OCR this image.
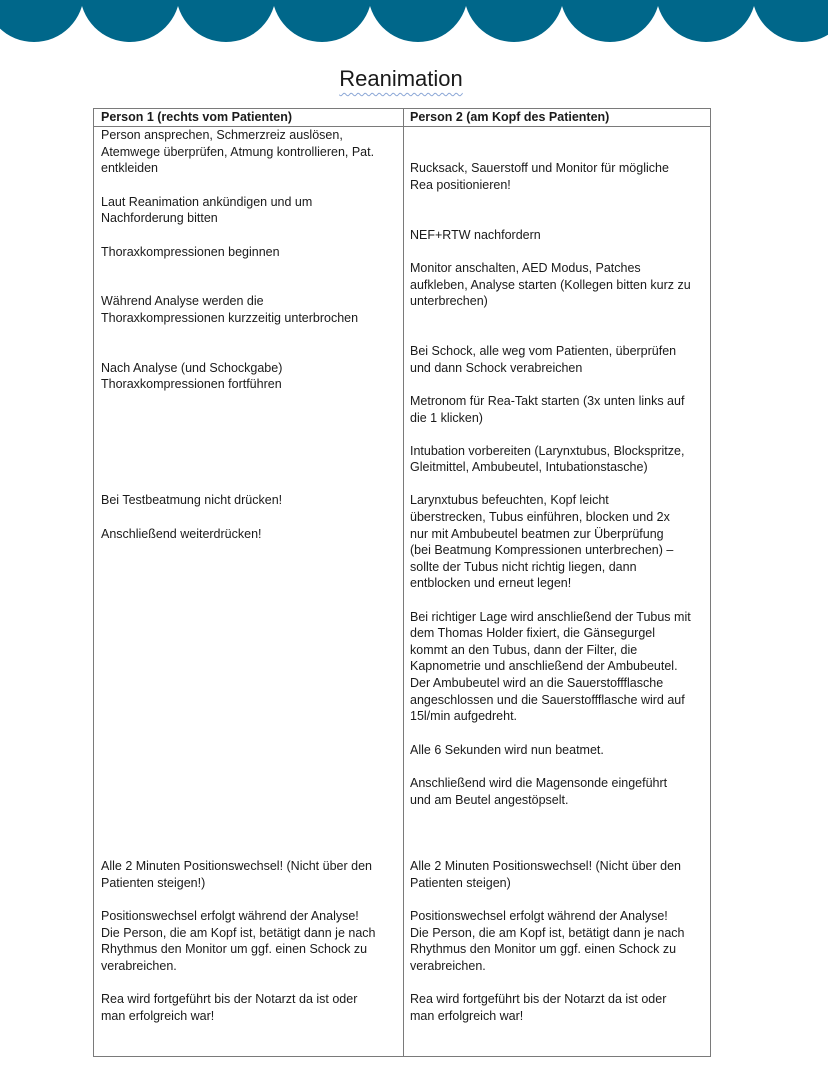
Reanimation
Person 1 (rechts vom Patienten)	Person 2 (am Kopf des Patienten)
Person ansprechen, Schmerzreiz auslösen,
Atemwege überprüfen, Atmung kontrollieren, Pat.
entkleiden
Laut Reanimation ankündigen und um
Nachforderung bitten
Thoraxkompressionen beginnen
Während Analyse werden die
Thoraxkompressionen kurzzeitig unterbrochen
Nach Analyse (und Schockgabe)
Thoraxkompressionen fortführen
Bei Testbeatmung nicht drücken!
Anschließend weiterdrücken!
Alle 2 Minuten Positionswechsel! (Nicht über den
Patienten steigen!)
Positionswechsel erfolgt während der Analyse!
Die Person, die am Kopf ist, betätigt dann je nach
Rhythmus den Monitor um ggf. einen Schock zu
verabreichen.
Rea wird fortgeführt bis der Notarzt da ist oder
man erfolgreich war!
Rucksack, Sauerstoff und Monitor für mögliche
Rea positionieren!
NEF+RTW nachfordern
Monitor anschalten, AED Modus, Patches
aufkleben, Analyse starten (Kollegen bitten kurz zu
unterbrechen)
Bei Schock, alle weg vom Patienten, überprüfen
und dann Schock verabreichen
Metronom für Rea-Takt starten (3x unten links auf
die 1 klicken)
Intubation vorbereiten (Larynxtubus, Blockspritze,
Gleitmittel, Ambubeutel, Intubationstasche)
Larynxtubus befeuchten, Kopf leicht
überstrecken, Tubus einführen, blocken und 2x
nur mit Ambubeutel beatmen zur Überprüfung
(bei Beatmung Kompressionen unterbrechen) –
sollte der Tubus nicht richtig liegen, dann
entblocken und erneut legen!
Bei richtiger Lage wird anschließend der Tubus mit
dem Thomas Holder fixiert, die Gänsegurgel
kommt an den Tubus, dann der Filter, die
Kapnometrie und anschließend der Ambubeutel.
Der Ambubeutel wird an die Sauerstoffflasche
angeschlossen und die Sauerstoffflasche wird auf
15l/min aufgedreht.
Alle 6 Sekunden wird nun beatmet.
Anschließend wird die Magensonde eingeführt
und am Beutel angestöpselt.
Alle 2 Minuten Positionswechsel! (Nicht über den
Patienten steigen)
Positionswechsel erfolgt während der Analyse!
Die Person, die am Kopf ist, betätigt dann je nach
Rhythmus den Monitor um ggf. einen Schock zu
verabreichen.
Rea wird fortgeführt bis der Notarzt da ist oder
man erfolgreich war!
